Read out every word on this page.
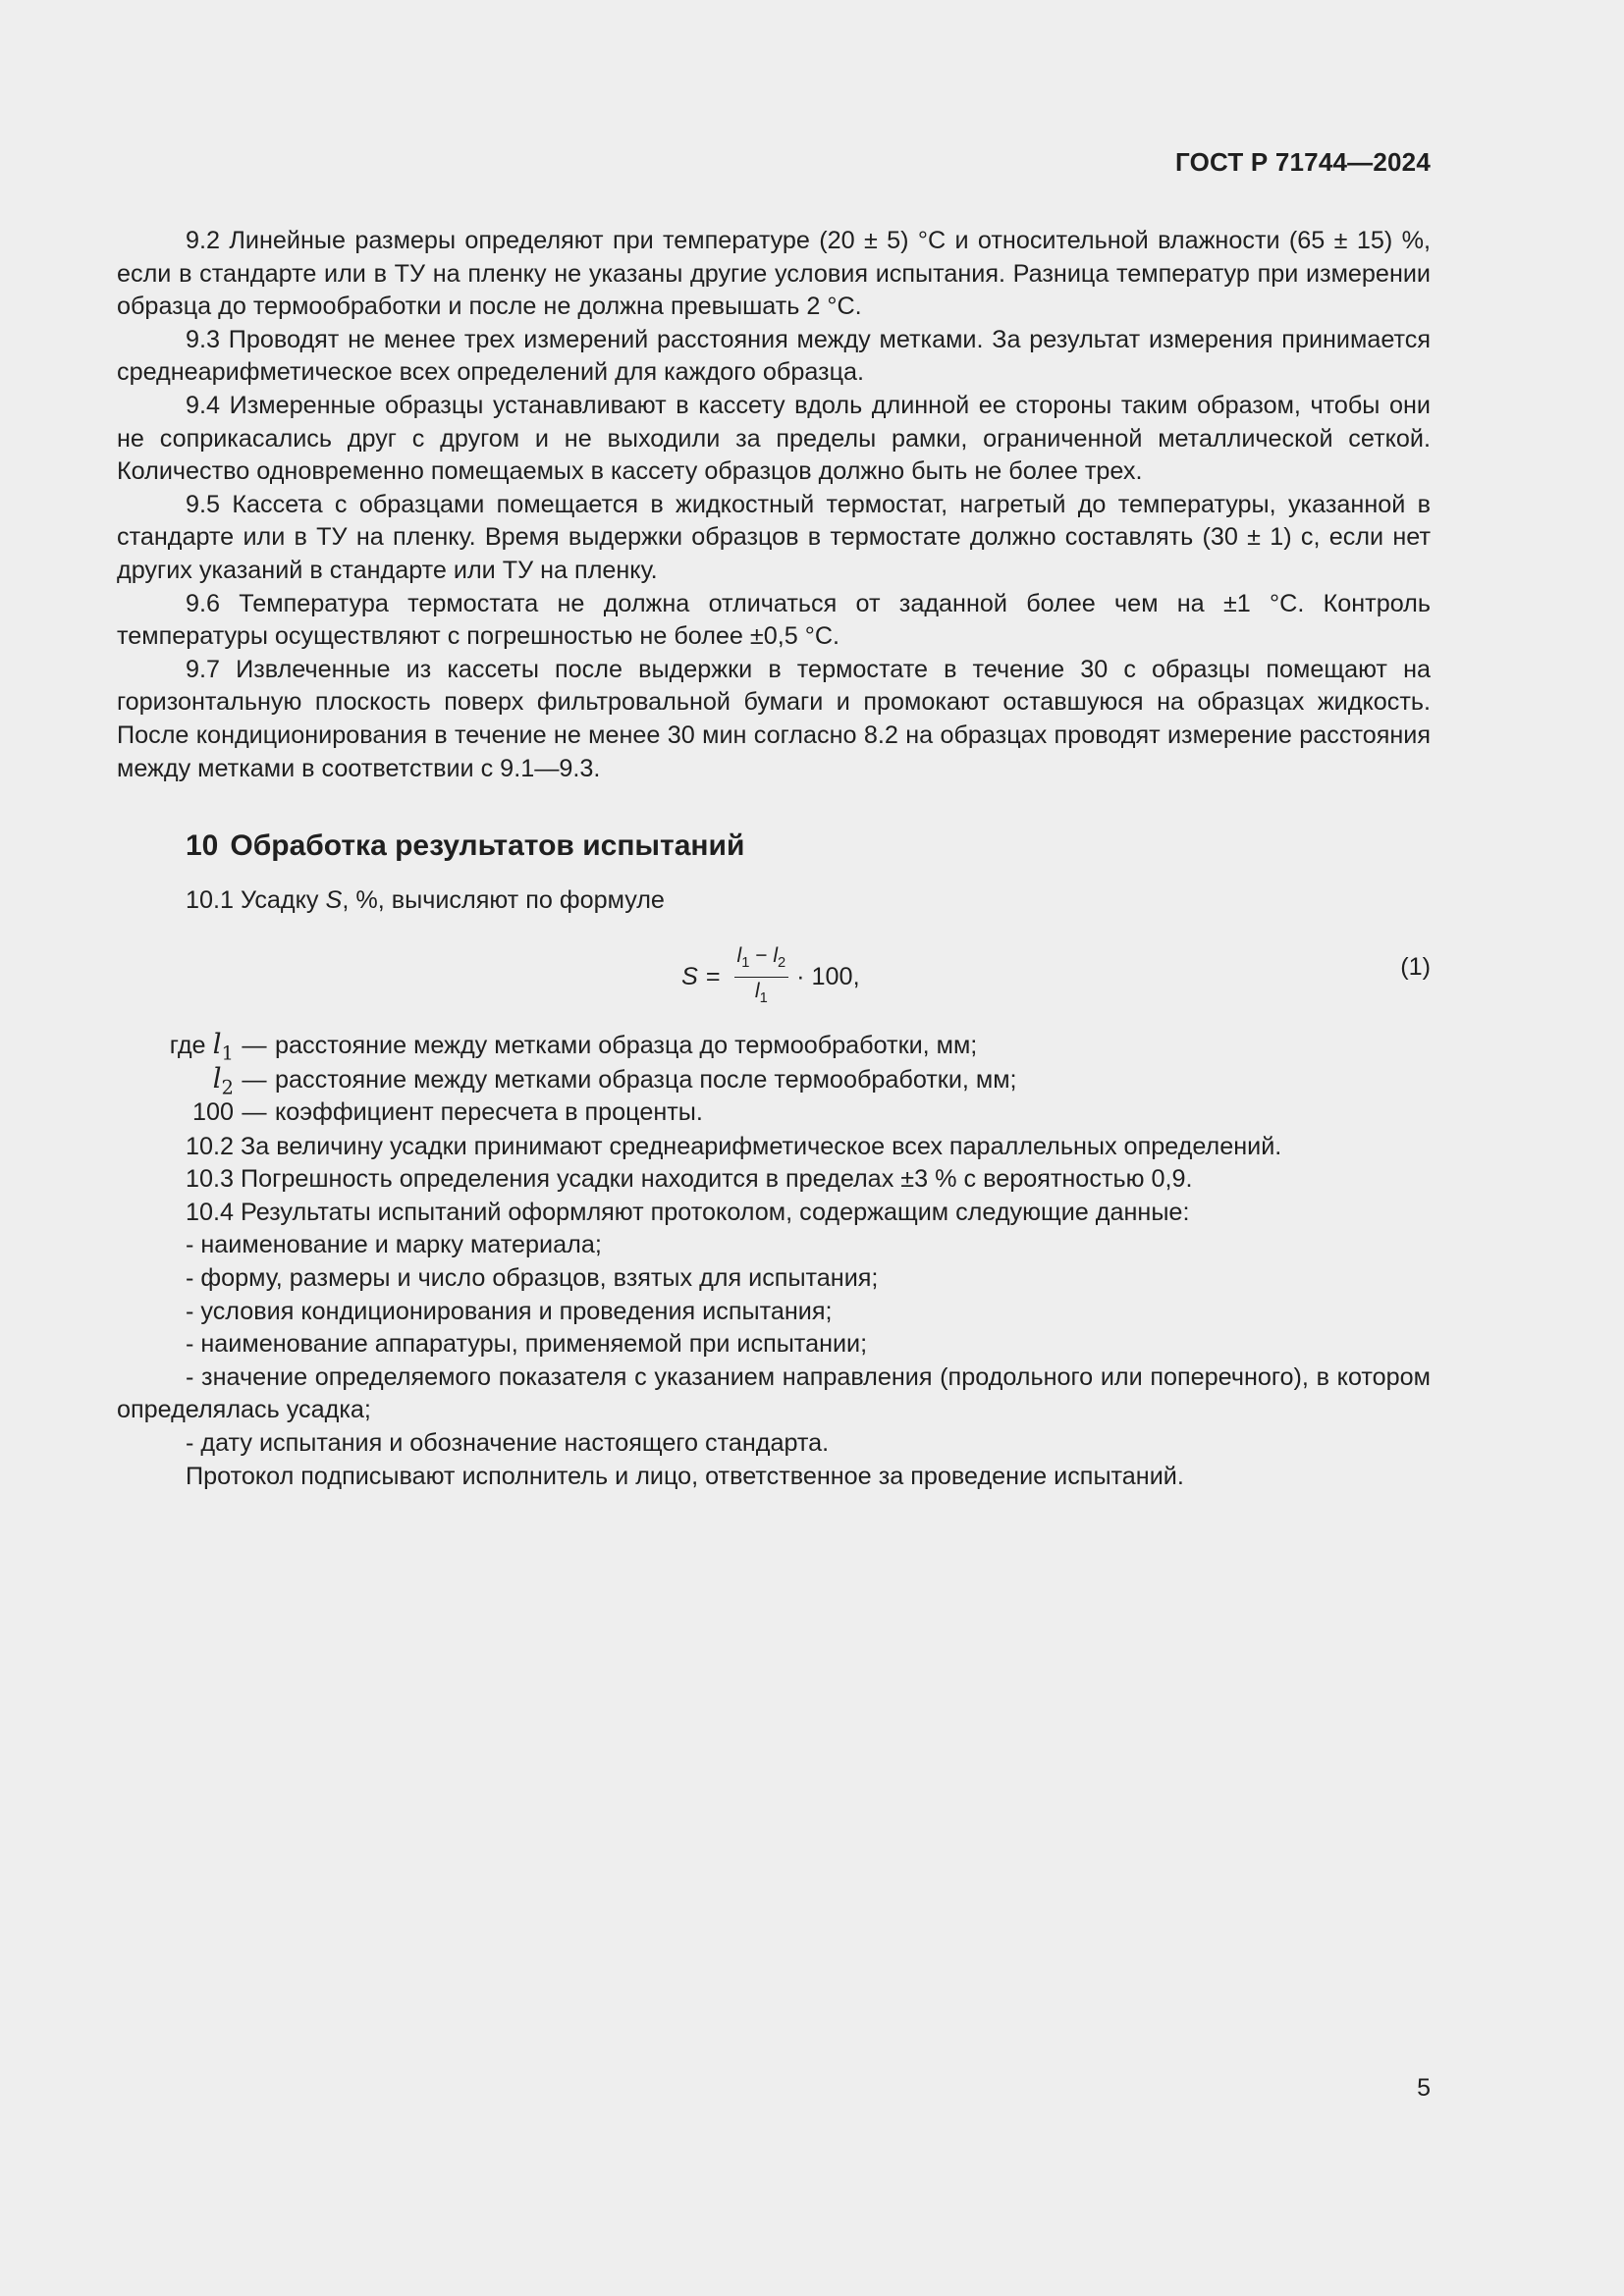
ГОСТ Р 71744—2024

9.2 Линейные размеры определяют при температуре (20 ± 5) °С и относительной влажности (65 ± 15) %, если в стандарте или в ТУ на пленку не указаны другие условия испытания. Разница температур при измерении образца до термообработки и после не должна превышать 2 °С.

9.3 Проводят не менее трех измерений расстояния между метками. За результат измерения принимается среднеарифметическое всех определений для каждого образца.

9.4 Измеренные образцы устанавливают в кассету вдоль длинной ее стороны таким образом, чтобы они не соприкасались друг с другом и не выходили за пределы рамки, ограниченной металлической сеткой. Количество одновременно помещаемых в кассету образцов должно быть не более трех.

9.5 Кассета с образцами помещается в жидкостный термостат, нагретый до температуры, указанной в стандарте или в ТУ на пленку. Время выдержки образцов в термостате должно составлять (30 ± 1) с, если нет других указаний в стандарте или ТУ на пленку.

9.6 Температура термостата не должна отличаться от заданной более чем на ±1 °С. Контроль температуры осуществляют с погрешностью не более ±0,5 °С.

9.7 Извлеченные из кассеты после выдержки в термостате в течение 30 с образцы помещают на горизонтальную плоскость поверх фильтровальной бумаги и промокают оставшуюся на образцах жидкость. После кондиционирования в течение не менее 30 мин согласно 8.2 на образцах проводят измерение расстояния между метками в соответствии с 9.1—9.3.

10 Обработка результатов испытаний
10.1 Усадку S, %, вычисляют по формуле
$S = \frac{l_1 - l_2}{l_1} \cdot 100$,	(1)
где $l_1$ — расстояние между метками образца до термообработки, мм;
$l_2$ — расстояние между метками образца после термообработки, мм;
100 — коэффициент пересчета в проценты.

10.2 За величину усадки принимают среднеарифметическое всех параллельных определений.

10.3 Погрешность определения усадки находится в пределах ±3 % с вероятностью 0,9.

10.4 Результаты испытаний оформляют протоколом, содержащим следующие данные:

- наименование и марку материала;

- форму, размеры и число образцов, взятых для испытания;

- условия кондиционирования и проведения испытания;

- наименование аппаратуры, применяемой при испытании;

- значение определяемого показателя с указанием направления (продольного или поперечного), в котором определялась усадка;

- дату испытания и обозначение настоящего стандарта.

Протокол подписывают исполнитель и лицо, ответственное за проведение испытаний.

5
